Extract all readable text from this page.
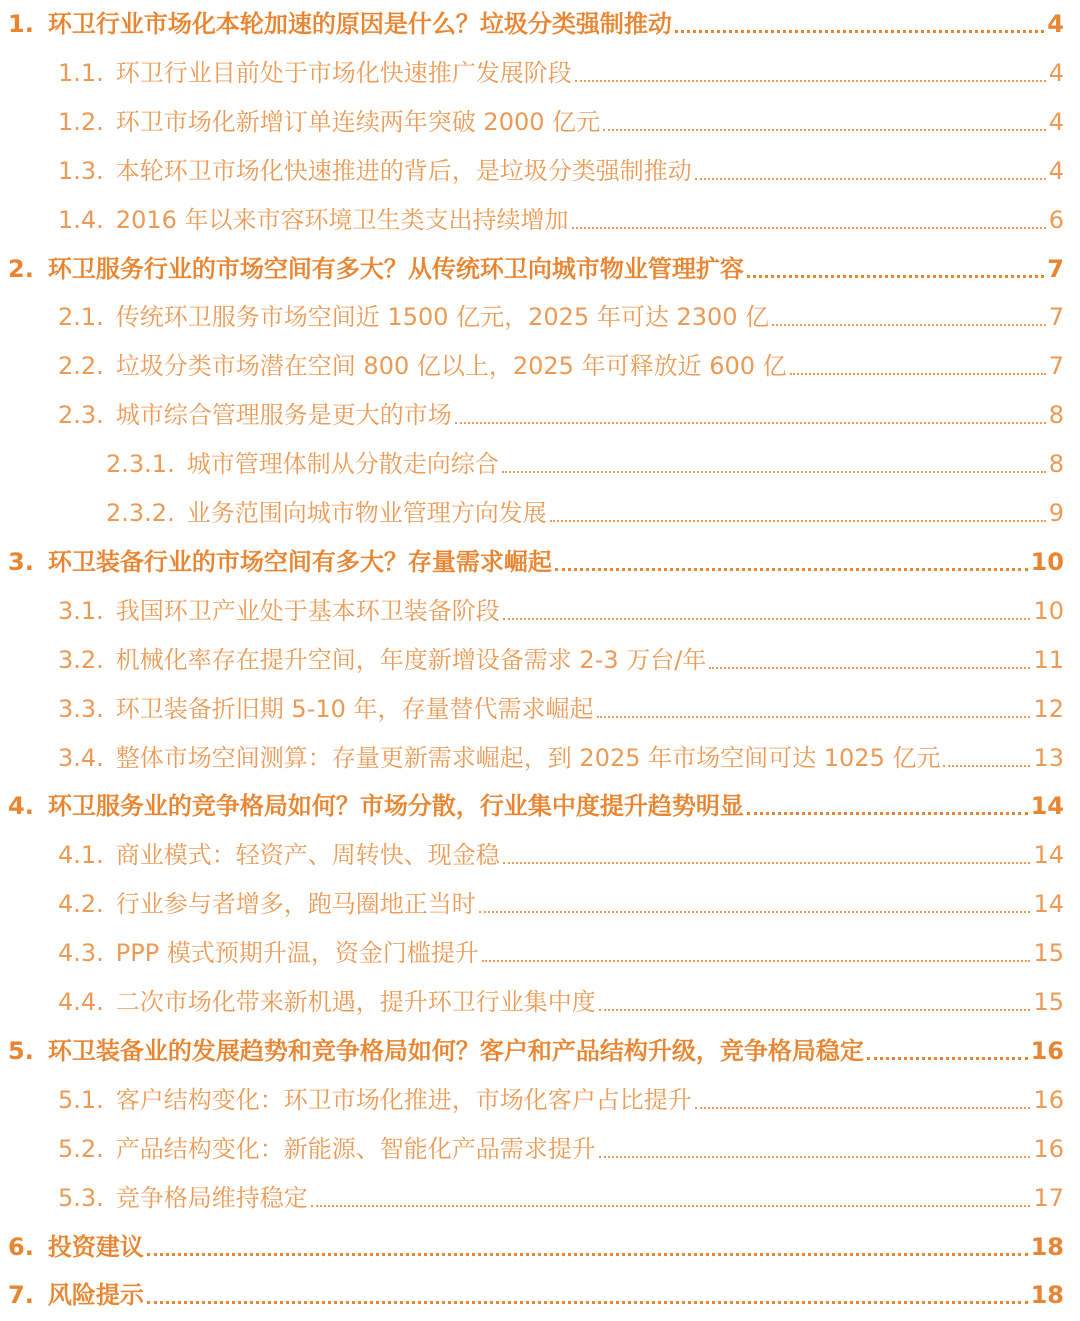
1. 环卫行业市场化本轮加速的原因是什么？垃圾分类强制推动	4
1.1. 环卫行业目前处于市场化快速推广发展阶段	4
1.2. 环卫市场化新增订单连续两年突破 2000 亿元	4
1.3. 本轮环卫市场化快速推进的背后，是垃圾分类强制推动	4
1.4. 2016 年以来市容环境卫生类支出持续增加	6
2. 环卫服务行业的市场空间有多大？从传统环卫向城市物业管理扩容	7
2.1. 传统环卫服务市场空间近 1500 亿元，2025 年可达 2300 亿	7
2.2. 垃圾分类市场潜在空间 800 亿以上，2025 年可释放近 600 亿	7
2.3. 城市综合管理服务是更大的市场	8
2.3.1. 城市管理体制从分散走向综合	8
2.3.2. 业务范围向城市物业管理方向发展	9
3. 环卫装备行业的市场空间有多大？存量需求崛起	10
3.1. 我国环卫产业处于基本环卫装备阶段	10
3.2. 机械化率存在提升空间，年度新增设备需求 2-3 万台/年	11
3.3. 环卫装备折旧期 5-10 年，存量替代需求崛起	12
3.4. 整体市场空间测算：存量更新需求崛起，到 2025 年市场空间可达 1025 亿元	13
4. 环卫服务业的竞争格局如何？市场分散，行业集中度提升趋势明显	14
4.1. 商业模式：轻资产、周转快、现金稳	14
4.2. 行业参与者增多，跑马圈地正当时	14
4.3. PPP 模式预期升温，资金门槛提升	15
4.4. 二次市场化带来新机遇，提升环卫行业集中度	15
5. 环卫装备业的发展趋势和竞争格局如何？客户和产品结构升级，竞争格局稳定	16
5.1. 客户结构变化：环卫市场化推进，市场化客户占比提升	16
5.2. 产品结构变化：新能源、智能化产品需求提升	16
5.3. 竞争格局维持稳定	17
6. 投资建议	18
7. 风险提示	18
